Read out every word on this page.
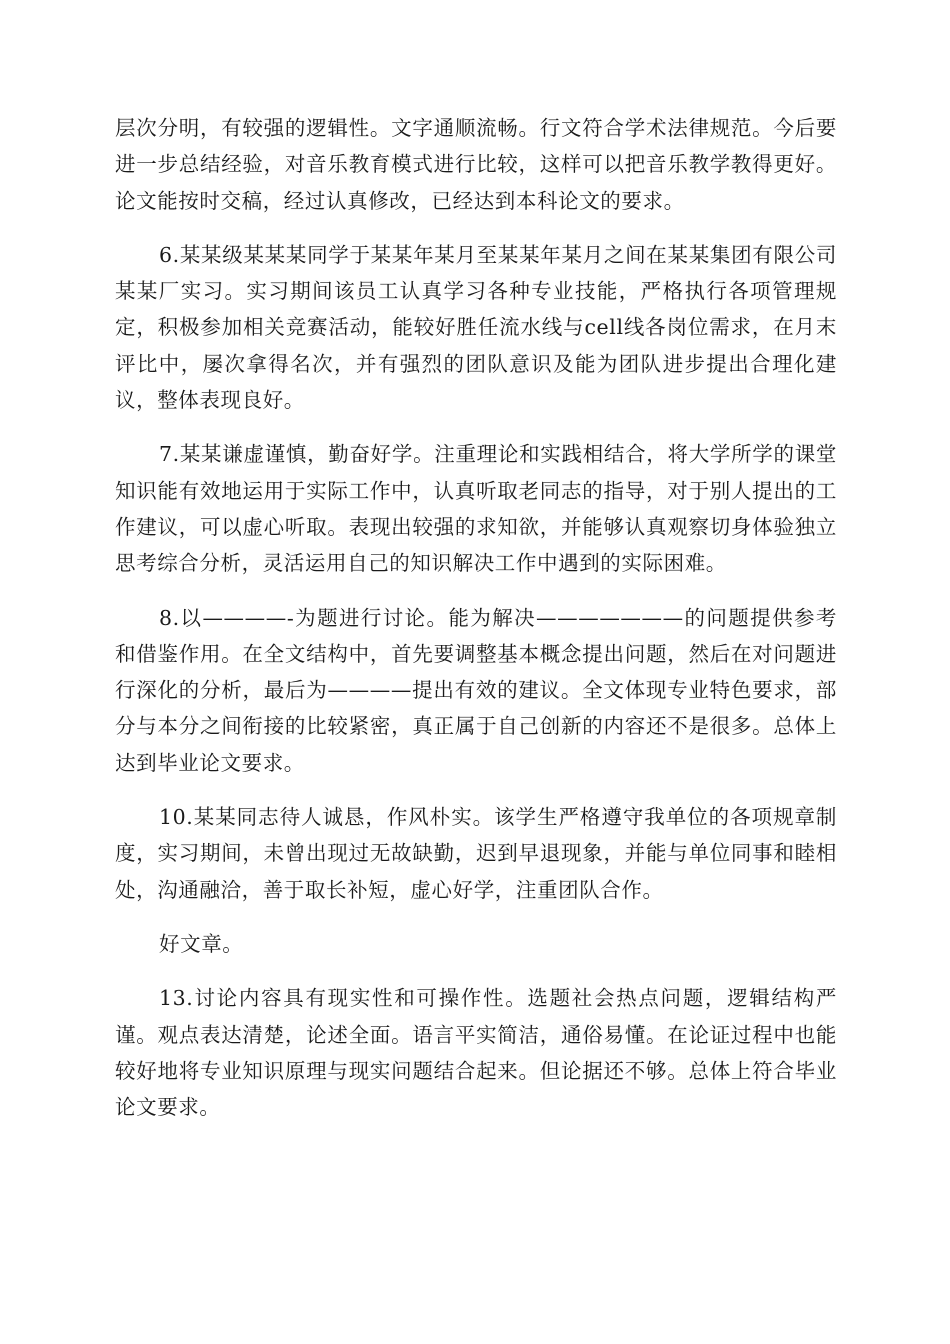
层次分明，有较强的逻辑性。文字通顺流畅。行文符合学术法律规范。今后要进一步总结经验，对音乐教育模式进行比较，这样可以把音乐教学教得更好。论文能按时交稿，经过认真修改，已经达到本科论文的要求。

6.某某级某某某同学于某某年某月至某某年某月之间在某某集团有限公司某某厂实习。实习期间该员工认真学习各种专业技能，严格执行各项管理规定，积极参加相关竞赛活动，能较好胜任流水线与cell线各岗位需求，在月末评比中，屡次拿得名次，并有强烈的团队意识及能为团队进步提出合理化建议，整体表现良好。

7.某某谦虚谨慎，勤奋好学。注重理论和实践相结合，将大学所学的课堂知识能有效地运用于实际工作中，认真听取老同志的指导，对于别人提出的工作建议，可以虚心听取。表现出较强的求知欲，并能够认真观察切身体验独立思考综合分析，灵活运用自己的知识解决工作中遇到的实际困难。

8.以————-为题进行讨论。能为解决———————的问题提供参考和借鉴作用。在全文结构中，首先要调整基本概念提出问题，然后在对问题进行深化的分析，最后为————提出有效的建议。全文体现专业特色要求，部分与本分之间衔接的比较紧密，真正属于自己创新的内容还不是很多。总体上达到毕业论文要求。

10.某某同志待人诚恳，作风朴实。该学生严格遵守我单位的各项规章制度，实习期间，未曾出现过无故缺勤，迟到早退现象，并能与单位同事和睦相处，沟通融洽，善于取长补短，虚心好学，注重团队合作。

好文章。

13.讨论内容具有现实性和可操作性。选题社会热点问题，逻辑结构严谨。观点表达清楚，论述全面。语言平实简洁，通俗易懂。在论证过程中也能较好地将专业知识原理与现实问题结合起来。但论据还不够。总体上符合毕业论文要求。
